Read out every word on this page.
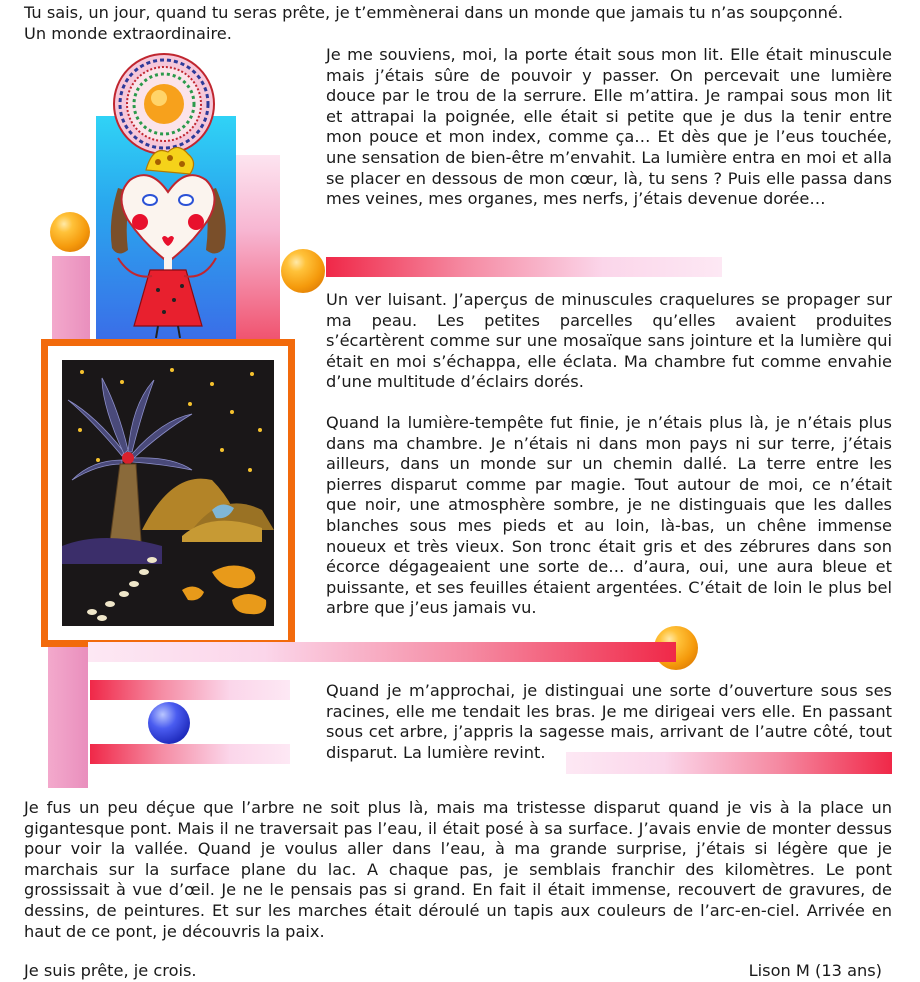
Tu sais, un jour, quand tu seras prête, je t’emmènerai dans un monde que jamais tu n’as soupçonné.

Un monde extraordinaire.

Je me souviens, moi, la porte était sous mon lit. Elle était minuscule mais j’étais sûre de pouvoir y passer. On percevait une lumière douce par le trou de la serrure. Elle m’attira. Je rampai sous mon lit et attrapai la poignée, elle était si petite que je dus la tenir entre mon pouce et mon index, comme ça… Et dès que je l’eus touchée, une sensation de bien-être m’envahit. La lumière entra en moi et alla se placer en dessous de mon cœur, là, tu sens ? Puis elle passa dans mes veines, mes organes, mes nerfs, j’étais devenue dorée…

Un ver luisant. J’aperçus de minuscules craquelures se propager sur ma peau. Les petites parcelles qu’elles avaient produites s’écartèrent comme sur une mosaïque sans jointure et la lumière qui était en moi s’échappa, elle éclata. Ma chambre fut comme envahie d’une multitude d’éclairs dorés.

Quand la lumière-tempête fut finie, je n’étais plus là, je n’étais plus dans ma chambre. Je n’étais ni dans mon pays ni sur terre, j’étais ailleurs, dans un monde sur un chemin dallé. La terre entre les pierres disparut comme par magie. Tout autour de moi, ce n’était que noir, une atmosphère sombre, je ne distinguais que les dalles blanches sous mes pieds et au loin, là-bas, un chêne immense noueux et très vieux. Son tronc était gris et des zébrures dans son écorce dégageaient une sorte de… d’aura, oui, une aura bleue et puissante, et ses feuilles étaient argentées. C’était de loin le plus bel arbre que j’eus jamais vu.

Quand je m’approchai, je distinguai une sorte d’ouverture sous ses racines, elle me tendait les bras. Je me dirigeai vers elle. En passant sous cet arbre, j’appris la sagesse mais, arrivant de l’autre côté, tout disparut. La lumière revint.

Je fus un peu déçue que l’arbre ne soit plus là, mais ma tristesse disparut quand je vis à la place un gigantesque pont. Mais il ne traversait pas l’eau, il était posé à sa surface. J’avais envie de monter dessus pour voir la vallée. Quand je voulus aller dans l’eau, à ma grande surprise, j’étais si légère que je marchais sur la surface plane du lac. A chaque pas, je semblais franchir des kilomètres. Le pont grossissait à vue d’œil. Je ne le pensais pas si grand. En fait il était immense, recouvert de gravures, de dessins, de peintures. Et sur les marches était déroulé un tapis aux couleurs de l’arc-en-ciel. Arrivée en haut de ce pont, je découvris la paix.

Je suis prête, je crois.	Lison M (13 ans)
